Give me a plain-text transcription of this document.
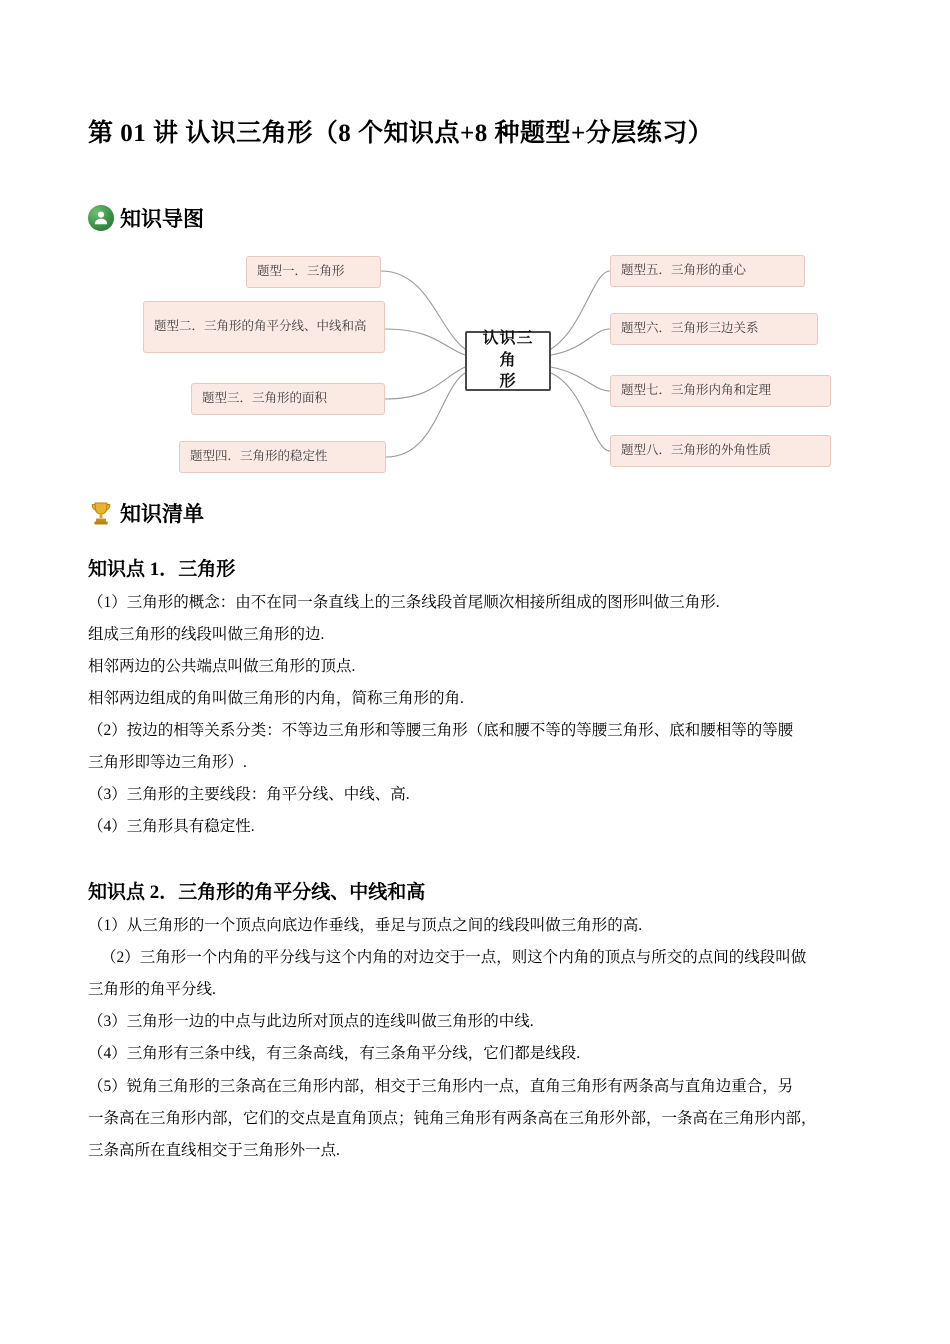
第 01 讲 认识三角形（8 个知识点+8 种题型+分层练习）
知识导图
认识三角
形
题型一．三角形
题型二．三角形的角平分线、中线和高
题型三．三角形的面积
题型四．三角形的稳定性
题型五．三角形的重心
题型六．三角形三边关系
题型七．三角形内角和定理
题型八．三角形的外角性质
知识清单
知识点 1．三角形

（1）三角形的概念：由不在同一条直线上的三条线段首尾顺次相接所组成的图形叫做三角形.

组成三角形的线段叫做三角形的边.

相邻两边的公共端点叫做三角形的顶点.

相邻两边组成的角叫做三角形的内角，简称三角形的角.

（2）按边的相等关系分类：不等边三角形和等腰三角形（底和腰不等的等腰三角形、底和腰相等的等腰

三角形即等边三角形）.

（3）三角形的主要线段：角平分线、中线、高.

（4）三角形具有稳定性.

知识点 2．三角形的角平分线、中线和高

（1）从三角形的一个顶点向底边作垂线，垂足与顶点之间的线段叫做三角形的高.

（2）三角形一个内角的平分线与这个内角的对边交于一点，则这个内角的顶点与所交的点间的线段叫做

三角形的角平分线.

（3）三角形一边的中点与此边所对顶点的连线叫做三角形的中线.

（4）三角形有三条中线，有三条高线，有三条角平分线，它们都是线段.

（5）锐角三角形的三条高在三角形内部，相交于三角形内一点，直角三角形有两条高与直角边重合，另

一条高在三角形内部，它们的交点是直角顶点；钝角三角形有两条高在三角形外部，一条高在三角形内部，

三条高所在直线相交于三角形外一点.
